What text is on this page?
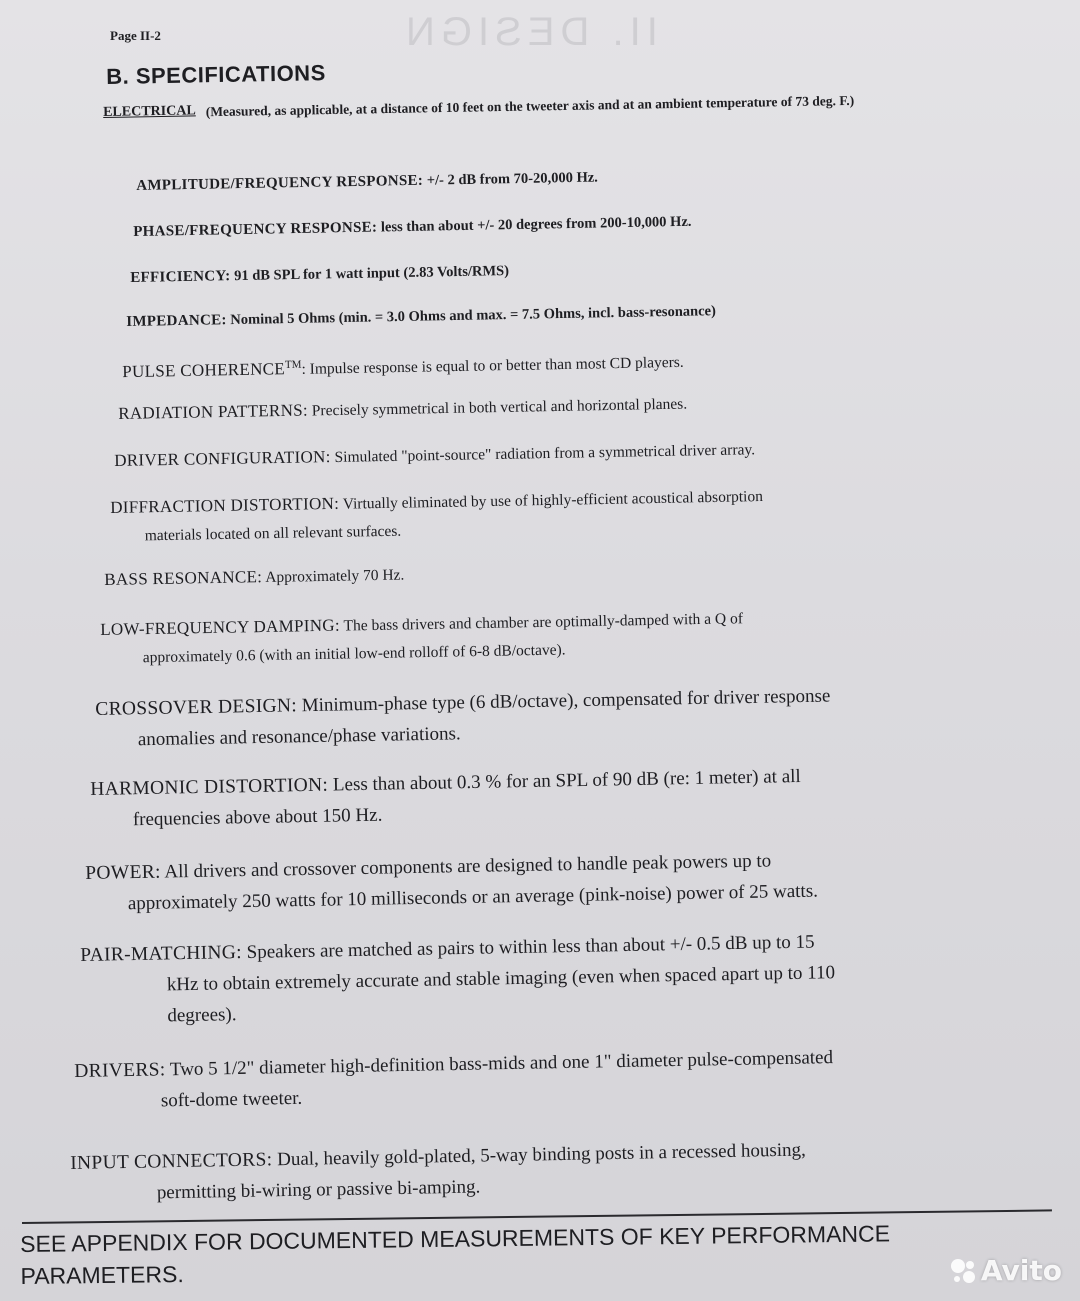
II. DESIGN
Page II-2
B. SPECIFICATIONS
ELECTRICAL (Measured, as applicable, at a distance of 10 feet on the tweeter axis and at an ambient temperature of 73 deg. F.)
AMPLITUDE/FREQUENCY RESPONSE: +/- 2 dB from 70-20,000 Hz.
PHASE/FREQUENCY RESPONSE: less than about +/- 20 degrees from 200-10,000 Hz.
EFFICIENCY: 91 dB SPL for 1 watt input (2.83 Volts/RMS)
IMPEDANCE: Nominal 5 Ohms (min. = 3.0 Ohms and max. = 7.5 Ohms, incl. bass-resonance)
PULSE COHERENCE™: Impulse response is equal to or better than most CD players.
RADIATION PATTERNS: Precisely symmetrical in both vertical and horizontal planes.
DRIVER CONFIGURATION: Simulated "point-source" radiation from a symmetrical driver array.
DIFFRACTION DISTORTION: Virtually eliminated by use of highly-efficient acoustical absorption
materials located on all relevant surfaces.
BASS RESONANCE: Approximately 70 Hz.
LOW-FREQUENCY DAMPING: The bass drivers and chamber are optimally-damped with a Q of
approximately 0.6 (with an initial low-end rolloff of 6-8 dB/octave).
CROSSOVER DESIGN: Minimum-phase type (6 dB/octave), compensated for driver response
anomalies and resonance/phase variations.
HARMONIC DISTORTION: Less than about 0.3 % for an SPL of 90 dB (re: 1 meter) at all
frequencies above about 150 Hz.
POWER: All drivers and crossover components are designed to handle peak powers up to
approximately 250 watts for 10 milliseconds or an average (pink-noise) power of 25 watts.
PAIR-MATCHING: Speakers are matched as pairs to within less than about +/- 0.5 dB up to 15
kHz to obtain extremely accurate and stable imaging (even when spaced apart up to 110
degrees).
DRIVERS: Two 5 1/2" diameter high-definition bass-mids and one 1" diameter pulse-compensated
soft-dome tweeter.
INPUT CONNECTORS: Dual, heavily gold-plated, 5-way binding posts in a recessed housing,
permitting bi-wiring or passive bi-amping.
SEE APPENDIX FOR DOCUMENTED MEASUREMENTS OF KEY PERFORMANCE PARAMETERS.	Avito
